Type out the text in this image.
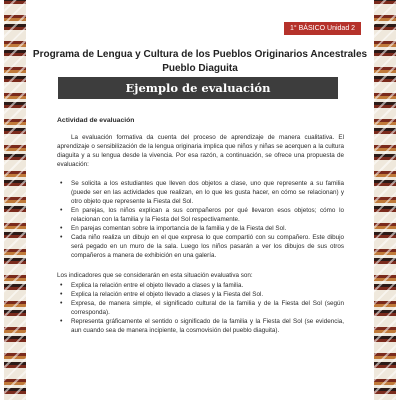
1° BÁSICO Unidad 2
Programa de Lengua y Cultura de los Pueblos Originarios Ancestrales
Pueblo Diaguita
Ejemplo de evaluación
Actividad de evaluación

La evaluación formativa da cuenta del proceso de aprendizaje de manera cualitativa. El aprendizaje o sensibilización de la lengua originaria implica que niños y niñas se acerquen a la cultura diaguita y a su lengua desde la vivencia. Por esa razón, a continuación, se ofrece una propuesta de evaluación:

• Se solicita a los estudiantes que lleven dos objetos a clase, uno que represente a su familia (puede ser en las actividades que realizan, en lo que les gusta hacer, en cómo se relacionan) y otro objeto que represente la Fiesta del Sol.
• En parejas, los niños explican a sus compañeros por qué llevaron esos objetos; cómo lo relacionan con la familia y la Fiesta del Sol respectivamente.
• En parejas comentan sobre la importancia de la familia y de la Fiesta del Sol.
• Cada niño realiza un dibujo en el que expresa lo que compartió con su compañero. Este dibujo será pegado en un muro de la sala. Luego los niños pasarán a ver los dibujos de sus otros compañeros a manera de exhibición en una galería.

Los indicadores que se considerarán en esta situación evaluativa son:

• Explica la relación entre el objeto llevado a clases y la familia.
• Explica la relación entre el objeto llevado a clases y la Fiesta del Sol.
• Expresa, de manera simple, el significado cultural de la familia y de la Fiesta del Sol (según corresponda).
• Representa gráficamente el sentido o significado de la familia y la Fiesta del Sol (se evidencia, aun cuando sea de manera incipiente, la cosmovisión del pueblo diaguita).
